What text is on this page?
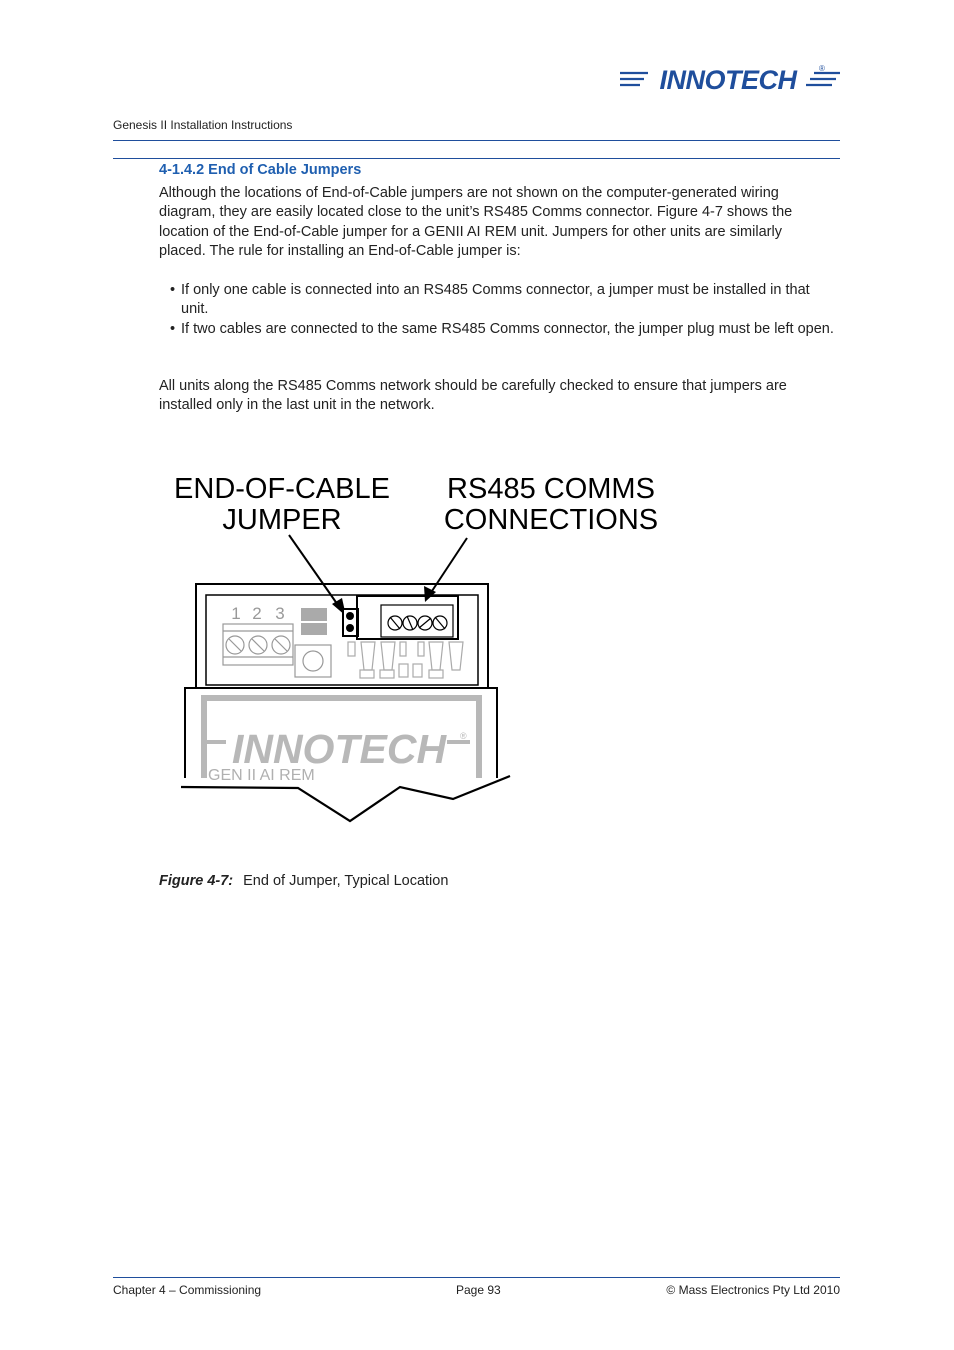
INNOTECH	®
Genesis II Installation Instructions
4-1.4.2 End of Cable Jumpers
Although the locations of End-of-Cable jumpers are not shown on the computer-generated wiring diagram, they are easily located close to the unit’s RS485 Comms connector. Figure 4-7 shows the location of the End-of-Cable jumper for a GENII AI REM unit. Jumpers for other units are similarly placed. The rule for installing an End-of-Cable jumper is:
• If only one cable is connected into an RS485 Comms connector, a jumper must be installed in that unit.
• If two cables are connected to the same RS485 Comms connector, the jumper plug must be left open.
All units along the RS485 Comms network should be carefully checked to ensure that jumpers are installed only in the last unit in the network.
END-OF-CABLE
JUMPER
RS485 COMMS
CONNECTIONS
1 2 3
INNOTECH ®
GEN II AI REM
Figure 4-7: End of Jumper, Typical Location
Chapter 4 – Commissioning	Page 93	© Mass Electronics Pty Ltd 2010
